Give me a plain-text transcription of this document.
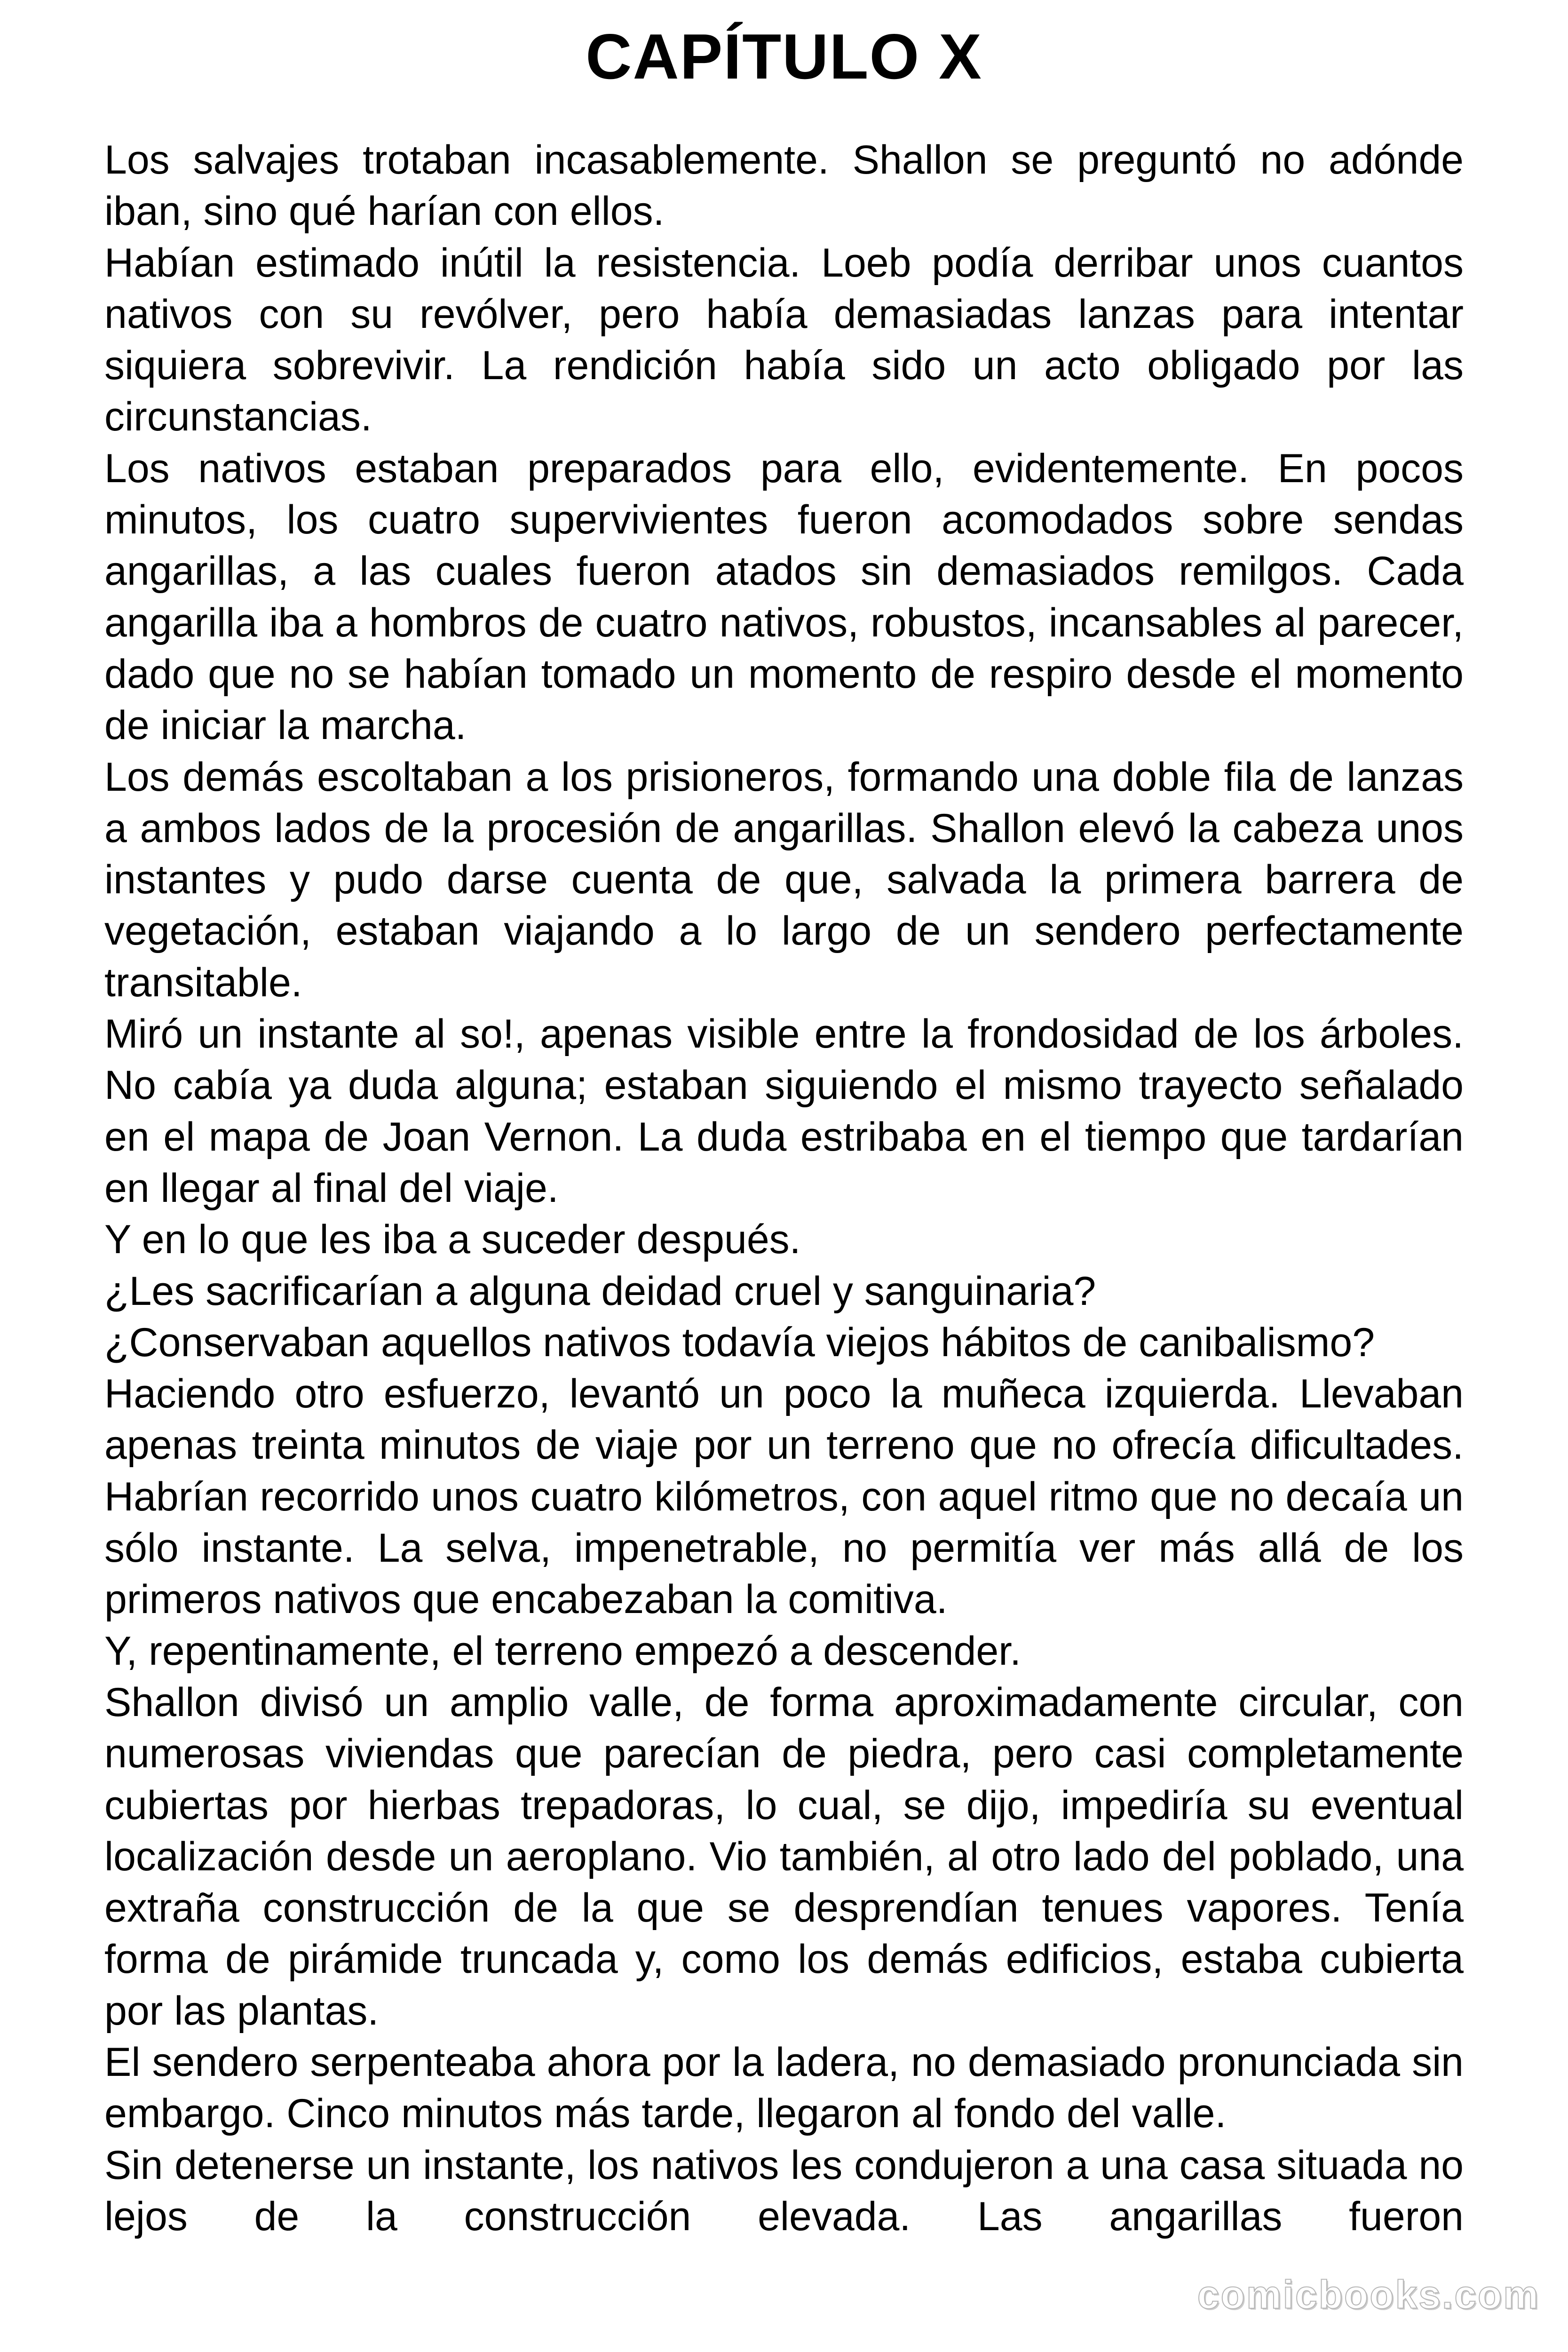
CAPÍTULO X

Los salvajes trotaban incasablemente. Shallon se preguntó no adónde iban, sino qué harían con ellos.

Habían estimado inútil la resistencia. Loeb podía derribar unos cuantos nativos con su revólver, pero había demasiadas lanzas para intentar siquiera sobrevivir. La rendición había sido un acto obligado por las circunstancias.

Los nativos estaban preparados para ello, evidentemente. En pocos minutos, los cuatro supervivientes fueron acomodados sobre sendas angarillas, a las cuales fueron atados sin demasiados remilgos. Cada angarilla iba a hombros de cuatro nativos, robustos, incansables al parecer, dado que no se habían tomado un momento de respiro desde el momento de iniciar la marcha.

Los demás escoltaban a los prisioneros, formando una doble fila de lanzas a ambos lados de la procesión de angarillas. Shallon elevó la cabeza unos instantes y pudo darse cuenta de que, salvada la primera barrera de vegetación, estaban viajando a lo largo de un sendero perfectamente transitable.

Miró un instante al so!, apenas visible entre la frondosidad de los árboles. No cabía ya duda alguna; estaban siguiendo el mismo trayecto señalado en el mapa de Joan Vernon. La duda estribaba en el tiempo que tardarían en llegar al final del viaje.

Y en lo que les iba a suceder después.

¿Les sacrificarían a alguna deidad cruel y sanguinaria?

¿Conservaban aquellos nativos todavía viejos hábitos de canibalismo?

Haciendo otro esfuerzo, levantó un poco la muñeca izquierda. Llevaban apenas treinta minutos de viaje por un terreno que no ofrecía dificultades. Habrían recorrido unos cuatro kilómetros, con aquel ritmo que no decaía un sólo instante. La selva, impenetrable, no permitía ver más allá de los primeros nativos que encabezaban la comitiva.

Y, repentinamente, el terreno empezó a descender.

Shallon divisó un amplio valle, de forma aproximadamente circular, con numerosas viviendas que parecían de piedra, pero casi completamente cubiertas por hierbas trepadoras, lo cual, se dijo, impediría su eventual localización desde un aeroplano. Vio también, al otro lado del poblado, una extraña construcción de la que se desprendían tenues vapores. Tenía forma de pirámide truncada y, como los demás edificios, estaba cubierta por las plantas.

El sendero serpenteaba ahora por la ladera, no demasiado pronunciada sin embargo. Cinco minutos más tarde, llegaron al fondo del valle.

Sin detenerse un instante, los nativos les condujeron a una casa situada no lejos de la construcción elevada. Las angarillas fueron

comicbooks.com
